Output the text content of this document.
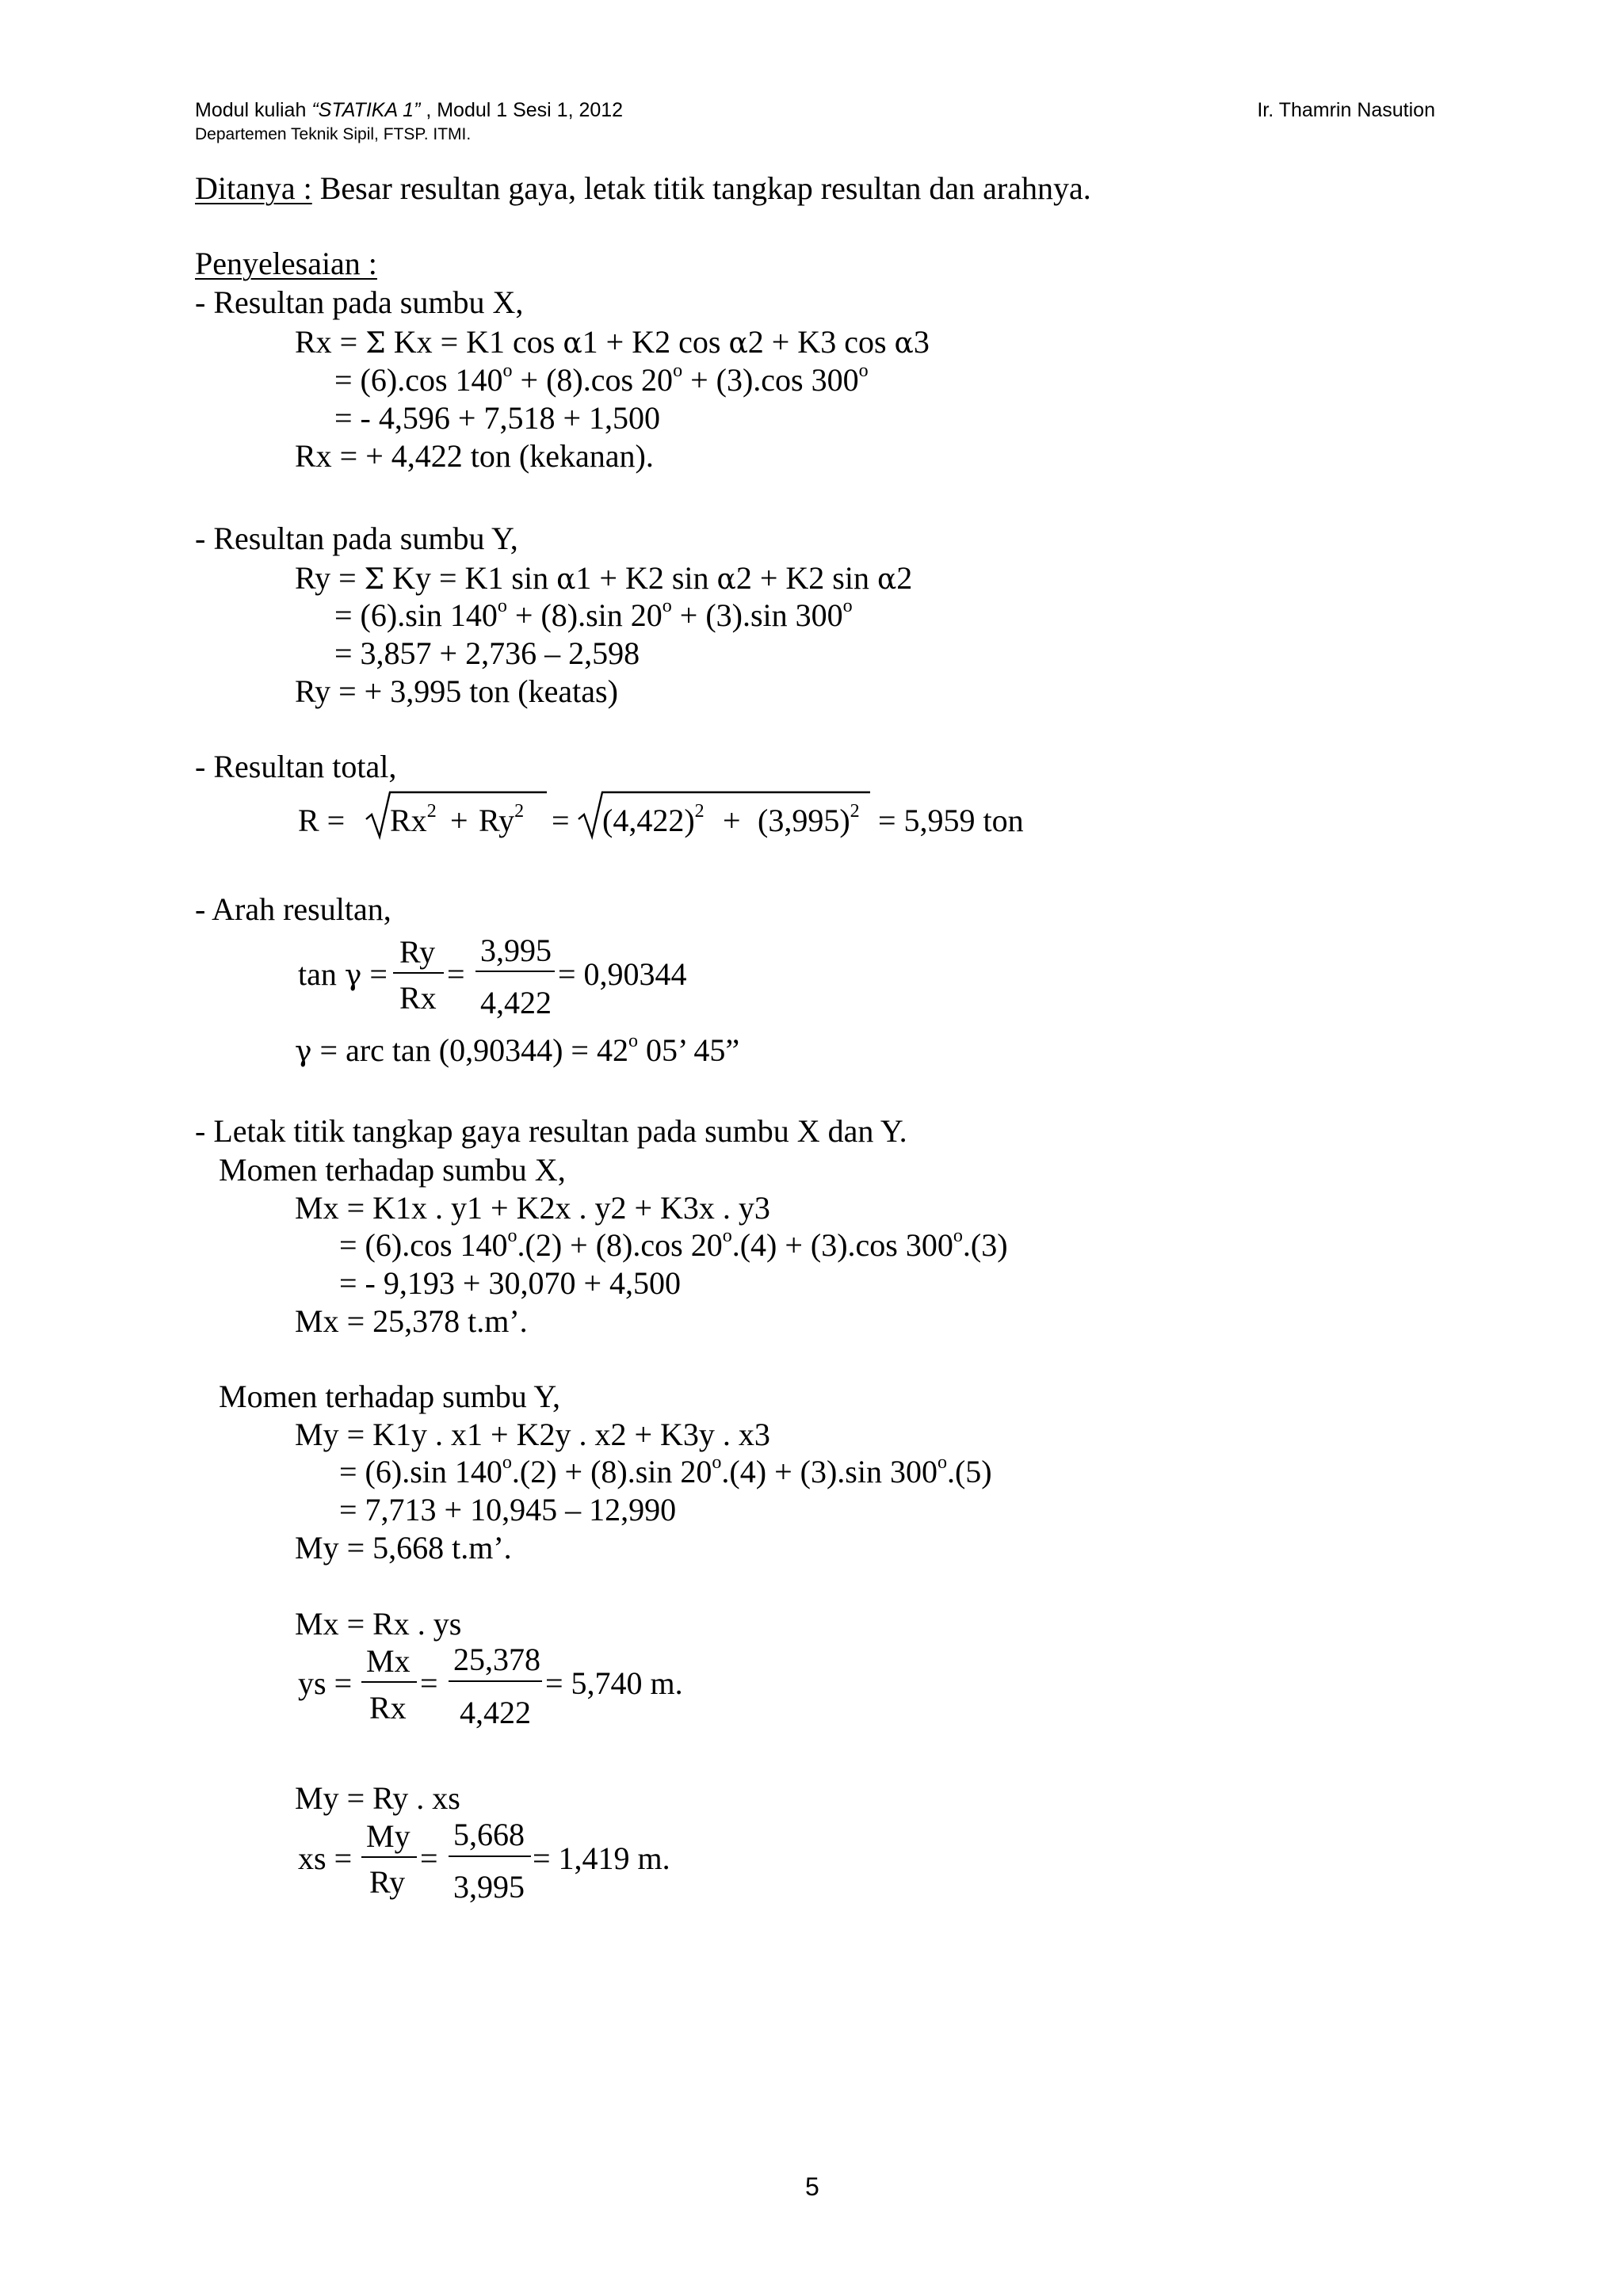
Modul kuliah “STATIKA 1” , Modul 1 Sesi 1, 2012	Ir. Thamrin Nasution
Departemen Teknik Sipil, FTSP. ITMI.
Ditanya : Besar resultan gaya, letak titik tangkap resultan dan arahnya.
Penyelesaian :
- Resultan pada sumbu X,
Rx = Σ Kx = K1 cos α1 + K2 cos α2 + K3 cos α3
= (6).cos $140^o + (8).\cos$ $20^o + (3).\cos$ $300^o$
= - 4,596 + 7,518 + 1,500
Rx = + 4,422 ton (kekanan).
- Resultan pada sumbu Y,
Ry = Σ Ky = K1 sin α1 + K2 sin α2 + K2 sin α2
= (6).sin $140^o + (8).\sin$ $20^o + (3).\sin$ $300^o$
= 3,857 + 2,736 – 2,598
Ry = + 3,995 ton (keatas)
- Resultan total,
$R = Rx^2 + Ry^2 = (4,422)^2 + (3,995)^2 = 5,959$ ton
- Arah resultan,
tan γ =
Ry
Rx
=
3,995
4,422
= 0,90344
γ = arc $\tan (0,90344) = 42^o$ 05’ 45”
- Letak titik tangkap gaya resultan pada sumbu X dan Y.
Momen terhadap sumbu X,
Mx = K1x . y1 + K2x . y2 + K3x . y3
= (6).cos $140^o.(2) + (8).\cos$ $20^o.(4) + (3).\cos$ $300^o.(3)$
= - 9,193 + 30,070 + 4,500
Mx = 25,378 t.m’.
Momen terhadap sumbu Y,
My = K1y . x1 + K2y . x2 + K3y . x3
= (6).sin $140^o.(2) + (8).\sin$ $20^o.(4) + (3).\sin$ $300^o.(5)$
= 7,713 + 10,945 – 12,990
My = 5,668 t.m’.
Mx = Rx . ys
ys =
Mx
Rx
=
25,378
4,422
= 5,740 m.
My = Ry . xs
xs =
My
Ry
=
5,668
3,995
= 1,419 m.
5
